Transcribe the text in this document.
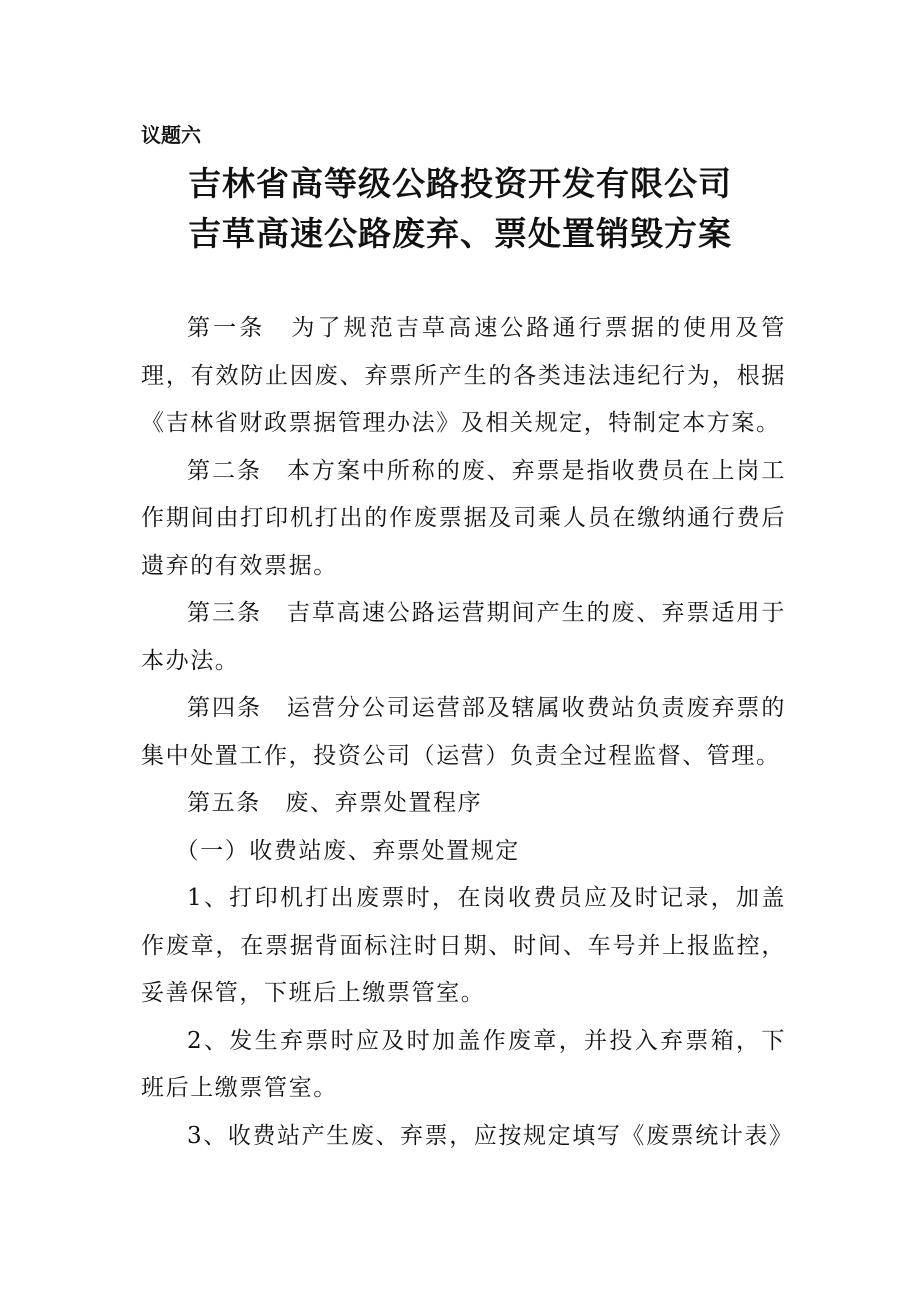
议题六

吉林省高等级公路投资开发有限公司
吉草高速公路废弃、票处置销毁方案

第一条　为了规范吉草高速公路通行票据的使用及管理，有效防止因废、弃票所产生的各类违法违纪行为，根据《吉林省财政票据管理办法》及相关规定，特制定本方案。

第二条　本方案中所称的废、弃票是指收费员在上岗工作期间由打印机打出的作废票据及司乘人员在缴纳通行费后遗弃的有效票据。

第三条　吉草高速公路运营期间产生的废、弃票适用于本办法。

第四条　运营分公司运营部及辖属收费站负责废弃票的集中处置工作，投资公司（运营）负责全过程监督、管理。

第五条　废、弃票处置程序

（一）收费站废、弃票处置规定

1、打印机打出废票时，在岗收费员应及时记录，加盖作废章，在票据背面标注时日期、时间、车号并上报监控，妥善保管，下班后上缴票管室。

2、发生弃票时应及时加盖作废章，并投入弃票箱，下班后上缴票管室。

3、收费站产生废、弃票，应按规定填写《废票统计表》
